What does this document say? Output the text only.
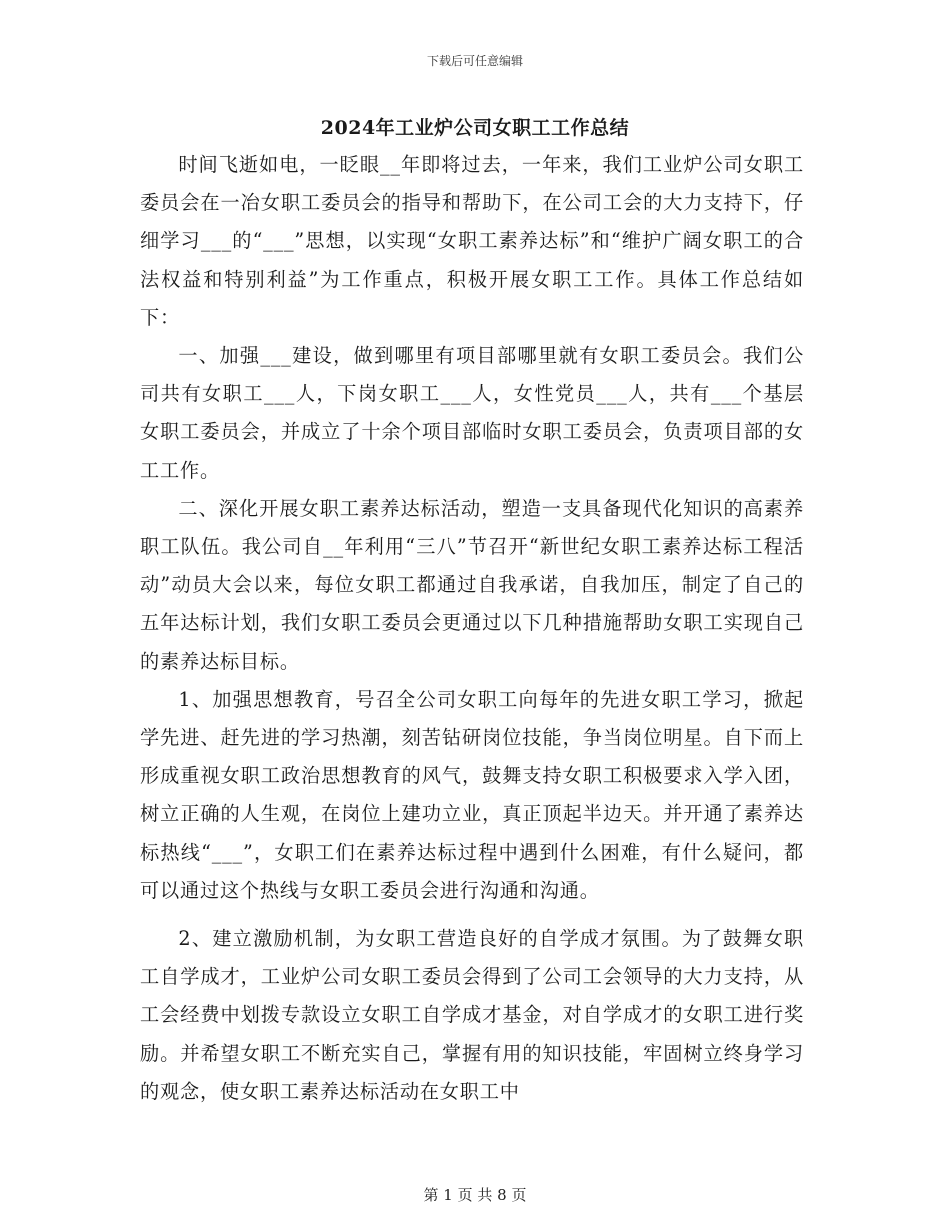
下载后可任意编辑
2024年工业炉公司女职工工作总结

时间飞逝如电，一眨眼__年即将过去，一年来，我们工业炉公司女职工委员会在一冶女职工委员会的指导和帮助下，在公司工会的大力支持下，仔细学习___的“___”思想，以实现“女职工素养达标”和“维护广阔女职工的合法权益和特别利益”为工作重点，积极开展女职工工作。具体工作总结如下：

一、加强___建设，做到哪里有项目部哪里就有女职工委员会。我们公司共有女职工___人，下岗女职工___人，女性党员___人，共有___个基层女职工委员会，并成立了十余个项目部临时女职工委员会，负责项目部的女工工作。

二、深化开展女职工素养达标活动，塑造一支具备现代化知识的高素养职工队伍。我公司自__年利用“三八”节召开“新世纪女职工素养达标工程活动”动员大会以来，每位女职工都通过自我承诺，自我加压，制定了自己的五年达标计划，我们女职工委员会更通过以下几种措施帮助女职工实现自己的素养达标目标。

1、加强思想教育，号召全公司女职工向每年的先进女职工学习，掀起学先进、赶先进的学习热潮，刻苦钻研岗位技能，争当岗位明星。自下而上形成重视女职工政治思想教育的风气，鼓舞支持女职工积极要求入学入团，树立正确的人生观，在岗位上建功立业，真正顶起半边天。并开通了素养达标热线“___”，女职工们在素养达标过程中遇到什么困难，有什么疑问，都可以通过这个热线与女职工委员会进行沟通和沟通。

2、建立激励机制，为女职工营造良好的自学成才氛围。为了鼓舞女职工自学成才，工业炉公司女职工委员会得到了公司工会领导的大力支持，从工会经费中划拨专款设立女职工自学成才基金，对自学成才的女职工进行奖励。并希望女职工不断充实自己，掌握有用的知识技能，牢固树立终身学习的观念，使女职工素养达标活动在女职工中

第 1 页 共 8 页
